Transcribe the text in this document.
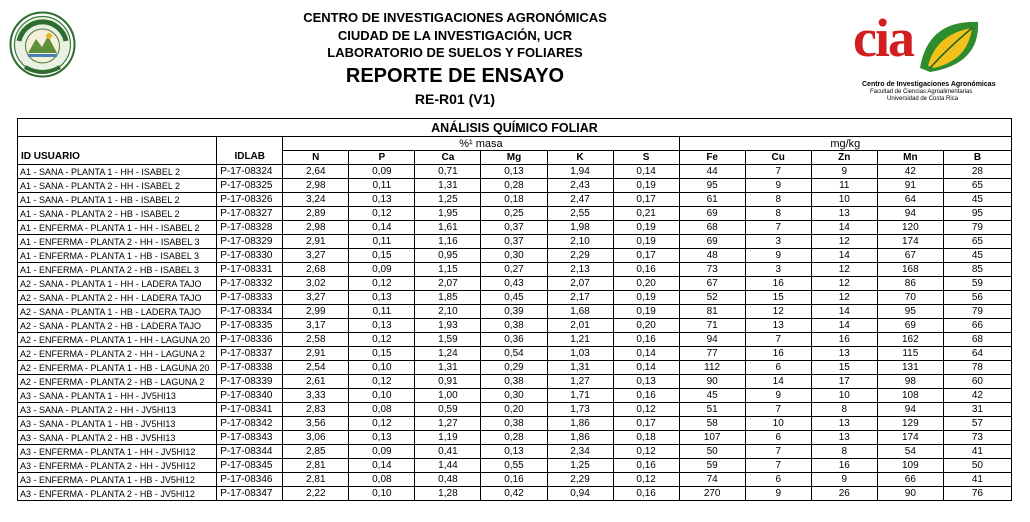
CENTRO DE INVESTIGACIONES AGRONÓMICAS
CIUDAD DE LA INVESTIGACIÓN, UCR
LABORATORIO DE SUELOS Y FOLIARES
REPORTE DE ENSAYO
RE-R01 (V1)
cia
Centro de Investigaciones Agronómicas
Facultad de Ciencias Agroalimentarias
Universidad de Costa Rica
ANÁLISIS QUÍMICO FOLIAR												
		%¹ masa						mg/kg				
ID USUARIO	IDLAB	N	P	Ca	Mg	K	S	Fe	Cu	Zn	Mn	B
A1 - SANA - PLANTA 1 - HH - ISABEL 2	P-17-08324	2,64	0,09	0,71	0,13	1,94	0,14	44	7	9	42	28
A1 - SANA - PLANTA 2 - HH - ISABEL 2	P-17-08325	2,98	0,11	1,31	0,28	2,43	0,19	95	9	11	91	65
A1 - SANA - PLANTA 1 - HB - ISABEL 2	P-17-08326	3,24	0,13	1,25	0,18	2,47	0,17	61	8	10	64	45
A1 - SANA - PLANTA 2 - HB - ISABEL 2	P-17-08327	2,89	0,12	1,95	0,25	2,55	0,21	69	8	13	94	95
A1 - ENFERMA - PLANTA 1 - HH - ISABEL 2	P-17-08328	2,98	0,14	1,61	0,37	1,98	0,19	68	7	14	120	79
A1 - ENFERMA - PLANTA 2 - HH - ISABEL 3	P-17-08329	2,91	0,11	1,16	0,37	2,10	0,19	69	3	12	174	65
A1 - ENFERMA - PLANTA 1 - HB - ISABEL 3	P-17-08330	3,27	0,15	0,95	0,30	2,29	0,17	48	9	14	67	45
A1 - ENFERMA - PLANTA 2 - HB - ISABEL 3	P-17-08331	2,68	0,09	1,15	0,27	2,13	0,16	73	3	12	168	85
A2 - SANA - PLANTA 1 - HH - LADERA TAJO	P-17-08332	3,02	0,12	2,07	0,43	2,07	0,20	67	16	12	86	59
A2 - SANA - PLANTA 2 - HH - LADERA TAJO	P-17-08333	3,27	0,13	1,85	0,45	2,17	0,19	52	15	12	70	56
A2 - SANA - PLANTA 1 - HB - LADERA TAJO	P-17-08334	2,99	0,11	2,10	0,39	1,68	0,19	81	12	14	95	79
A2 - SANA - PLANTA 2 - HB - LADERA TAJO	P-17-08335	3,17	0,13	1,93	0,38	2,01	0,20	71	13	14	69	66
A2 - ENFERMA - PLANTA 1 - HH - LAGUNA 20	P-17-08336	2,58	0,12	1,59	0,36	1,21	0,16	94	7	16	162	68
A2 - ENFERMA - PLANTA 2 - HH - LAGUNA 2	P-17-08337	2,91	0,15	1,24	0,54	1,03	0,14	77	16	13	115	64
A2 - ENFERMA - PLANTA 1 - HB - LAGUNA 20	P-17-08338	2,54	0,10	1,31	0,29	1,31	0,14	112	6	15	131	78
A2 - ENFERMA - PLANTA 2 - HB - LAGUNA 2	P-17-08339	2,61	0,12	0,91	0,38	1,27	0,13	90	14	17	98	60
A3 - SANA - PLANTA 1 - HH - JV5HI13	P-17-08340	3,33	0,10	1,00	0,30	1,71	0,16	45	9	10	108	42
A3 - SANA - PLANTA 2 - HH - JV5HI13	P-17-08341	2,83	0,08	0,59	0,20	1,73	0,12	51	7	8	94	31
A3 - SANA - PLANTA 1 - HB - JV5HI13	P-17-08342	3,56	0,12	1,27	0,38	1,86	0,17	58	10	13	129	57
A3 - SANA - PLANTA 2 - HB - JV5HI13	P-17-08343	3,06	0,13	1,19	0,28	1,86	0,18	107	6	13	174	73
A3 - ENFERMA - PLANTA 1 - HH - JV5HI12	P-17-08344	2,85	0,09	0,41	0,13	2,34	0,12	50	7	8	54	41
A3 - ENFERMA - PLANTA 2 - HH - JV5HI12	P-17-08345	2,81	0,14	1,44	0,55	1,25	0,16	59	7	16	109	50
A3 - ENFERMA - PLANTA 1 - HB - JV5HI12	P-17-08346	2,81	0,08	0,48	0,16	2,29	0,12	74	6	9	66	41
A3 - ENFERMA - PLANTA 2 - HB - JV5HI12	P-17-08347	2,22	0,10	1,28	0,42	0,94	0,16	270	9	26	90	76
